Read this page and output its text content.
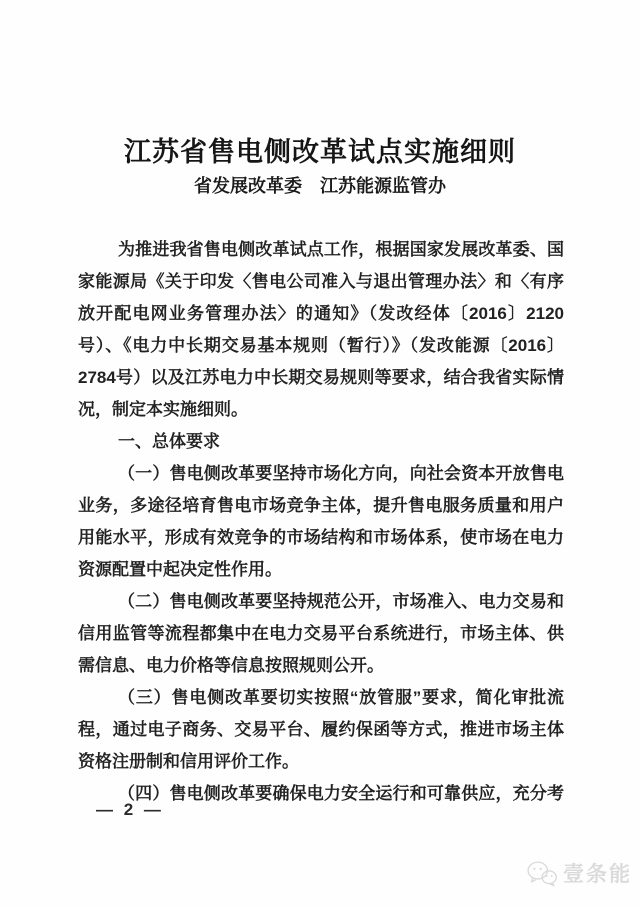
江苏省售电侧改革试点实施细则
省发展改革委　江苏能源监管办
为推进我省售电侧改革试点工作，根据国家发展改革委、国
家能源局《关于印发〈售电公司准入与退出管理办法〉和〈有序
放开配电网业务管理办法〉的通知》（发改经体〔2016〕2120
号）、《电力中长期交易基本规则（暂行）》（发改能源〔2016〕
2784号）以及江苏电力中长期交易规则等要求，结合我省实际情
况，制定本实施细则。
一、总体要求
（一）售电侧改革要坚持市场化方向，向社会资本开放售电
业务，多途径培育售电市场竞争主体，提升售电服务质量和用户
用能水平，形成有效竞争的市场结构和市场体系，使市场在电力
资源配置中起决定性作用。
（二）售电侧改革要坚持规范公开，市场准入、电力交易和
信用监管等流程都集中在电力交易平台系统进行，市场主体、供
需信息、电力价格等信息按照规则公开。
（三）售电侧改革要切实按照“放管服”要求，简化审批流
程，通过电子商务、交易平台、履约保函等方式，推进市场主体
资格注册制和信用评价工作。
（四）售电侧改革要确保电力安全运行和可靠供应，充分考
— 2 —
壹条能
